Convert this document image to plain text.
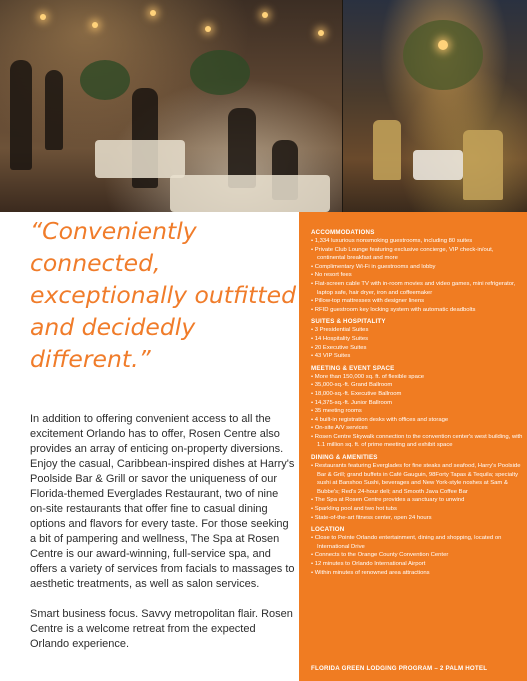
“Conveniently connected, exceptionally outfitted and decidedly different.”

In addition to offering convenient access to all the excitement Orlando has to offer, Rosen Centre also provides an array of enticing on-property diversions. Enjoy the casual, Caribbean-inspired dishes at Harry's Poolside Bar & Grill or savor the uniqueness of our Florida-themed Everglades Restaurant, two of nine on-site restaurants that offer fine to casual dining options and flavors for every taste. For those seeking a bit of pampering and wellness, The Spa at Rosen Centre is our award-winning, full-service spa, and offers a variety of services from facials to massages to aesthetic treatments, as well as salon services.

Smart business focus. Savvy metropolitan flair. Rosen Centre is a welcome retreat from the expected Orlando experience.

ACCOMMODATIONS
• 1,334 luxurious nonsmoking guestrooms, including 80 suites
• Private Club Lounge featuring exclusive concierge, VIP check-in/out, continental breakfast and more
• Complimentary Wi-Fi in guestrooms and lobby
• No resort fees
• Flat-screen cable TV with in-room movies and video games, mini refrigerator, laptop safe, hair dryer, iron and coffeemaker
• Pillow-top mattresses with designer linens
• RFID guestroom key locking system with automatic deadbolts
SUITES & HOSPITALITY
• 3 Presidential Suites
• 14 Hospitality Suites
• 20 Executive Suites
• 43 VIP Suites
MEETING & EVENT SPACE
• More than 150,000 sq. ft. of flexible space
• 35,000-sq.-ft. Grand Ballroom
• 18,000-sq.-ft. Executive Ballroom
• 14,375-sq.-ft. Junior Ballroom
• 35 meeting rooms
• 4 built-in registration desks with offices and storage
• On-site A/V services
• Rosen Centre Skywalk connection to the convention center's west building, with 1.1 million sq. ft. of prime meeting and exhibit space
DINING & AMENITIES
• Restaurants featuring Everglades for fine steaks and seafood, Harry's Poolside Bar & Grill; grand buffets in Café Gauguin, 98Forty Tapas & Tequila; specialty sushi at Banshoo Sushi, beverages and New York-style noshes at Sam & Bubbe's; Red's 24-hour deli; and Smooth Java Coffee Bar
• The Spa at Rosen Centre provides a sanctuary to unwind
• Sparkling pool and two hot tubs
• State-of-the-art fitness center, open 24 hours
LOCATION
• Close to Pointe Orlando entertainment, dining and shopping, located on International Drive
• Connects to the Orange County Convention Center
• 12 minutes to Orlando International Airport
• Within minutes of renowned area attractions
FLORIDA GREEN LODGING PROGRAM – 2 PALM HOTEL
